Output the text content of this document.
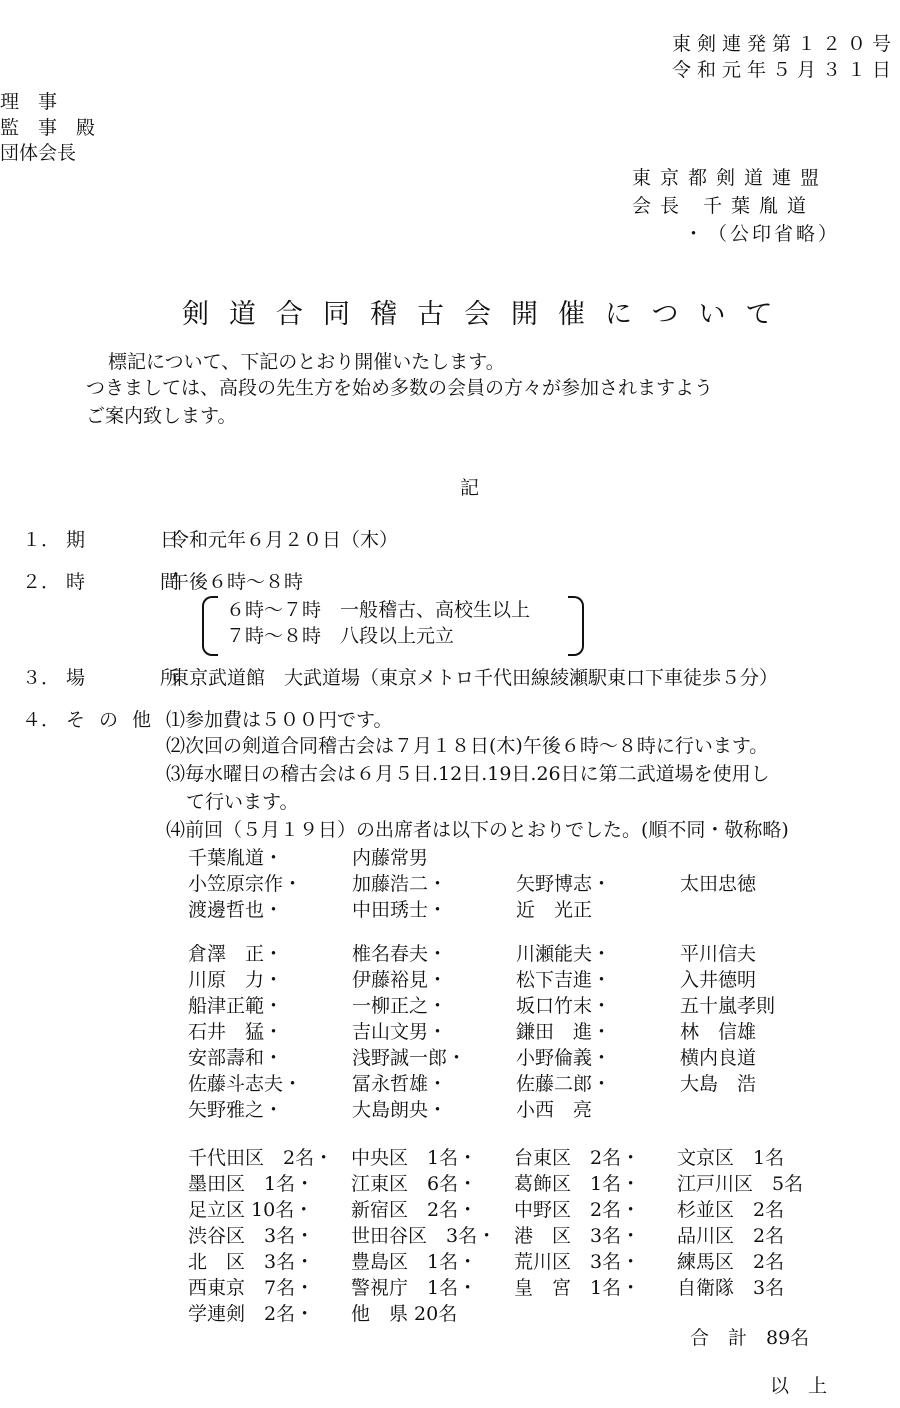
東剣連発第１２０号
令和元年５月３１日
理　事
監　事　殿
団体会長
東京都剣道連盟
会長 千葉胤道
・ （公印省略）
剣道合同稽古会開催について
標記について、下記のとおり開催いたします。
つきましては、高段の先生方を始め多数の会員の方々が参加されますよう
ご案内致します。
記
１． 期　日
令和元年６月２０日（木）
２． 時　間
午後６時〜８時
６時〜７時　一般稽古、高校生以上
７時〜８時　八段以上元立
３． 場　所
東京武道館　大武道場（東京メトロ千代田線綾瀬駅東口下車徒歩５分）
４． その他 ⑴参加費は５００円です。
⑵次回の剣道合同稽古会は７月１８日(木)午後６時〜８時に行います。
⑶毎水曜日の稽古会は６月５日.12日.19日.26日に第二武道場を使用し
て行います。
⑷前回（５月１９日）の出席者は以下のとおりでした。(順不同・敬称略)
千葉胤道・	内藤常男
小笠原宗作・	加藤浩二・	矢野博志・	太田忠徳
渡邊哲也・	中田琇士・	近　光正
倉澤　正・	椎名春夫・	川瀬能夫・	平川信夫
川原　力・	伊藤裕見・	松下吉進・	入井德明
船津正範・	一柳正之・	坂口竹末・	五十嵐孝則
石井　猛・	吉山文男・	鎌田　進・	林　信雄
安部壽和・	浅野誠一郎・	小野倫義・	横内良道
佐藤斗志夫・	冨永哲雄・	佐藤二郎・	大島　浩
矢野雅之・	大島朗央・	小西　亮
千代田区　2名・ 中央区　1名・	台東区　2名・	文京区　1名
墨田区　1名・	江東区　6名・	葛飾区　1名・	江戸川区　5名
足立区 10名・	新宿区　2名・	中野区　2名・	杉並区　2名
渋谷区　3名・	世田谷区　3名・ 港　区　3名・	品川区　2名
北　区　3名・	豊島区　1名・	荒川区　3名・	練馬区　2名
西東京　7名・	警視庁　1名・	皇　宮　1名・	自衛隊　3名
学連剣　2名・	他　県 20名
合　計　89名
以　上
